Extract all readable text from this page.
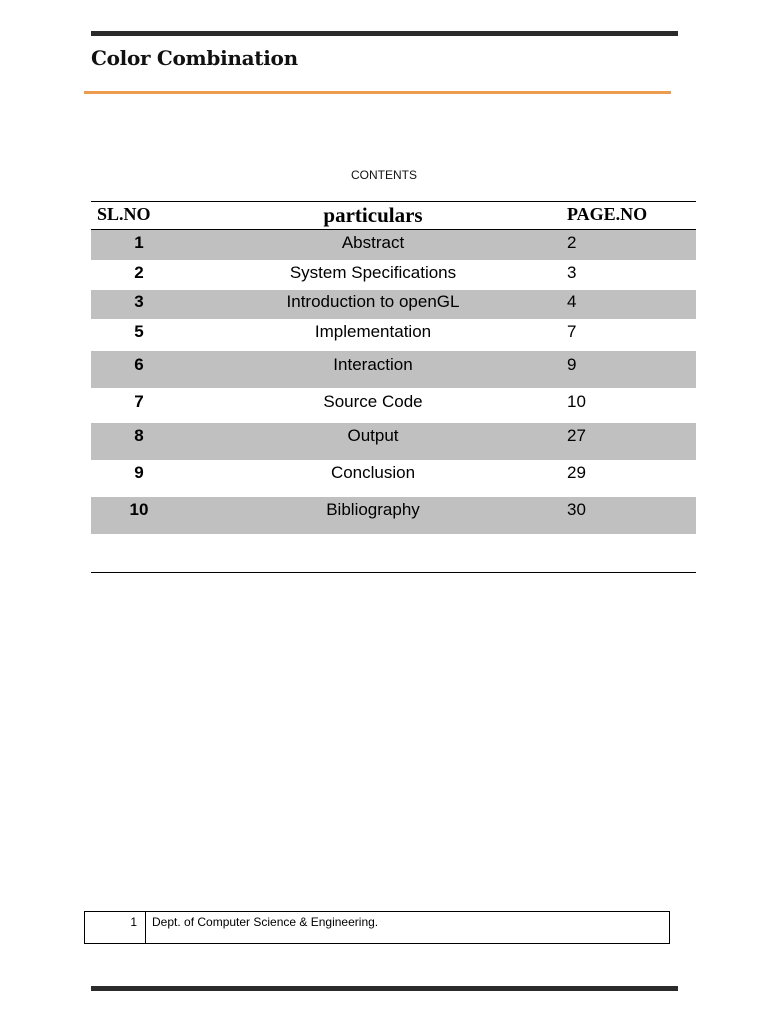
Color Combination
CONTENTS
SL.NO	particulars	PAGE.NO
1	Abstract	2
2	System Specifications	3
3	Introduction to openGL	4
5	Implementation	7
6	Interaction	9
7	Source Code	10
8	Output	27
9	Conclusion	29
10	Bibliography	30
1	Dept. of Computer Science & Engineering.
